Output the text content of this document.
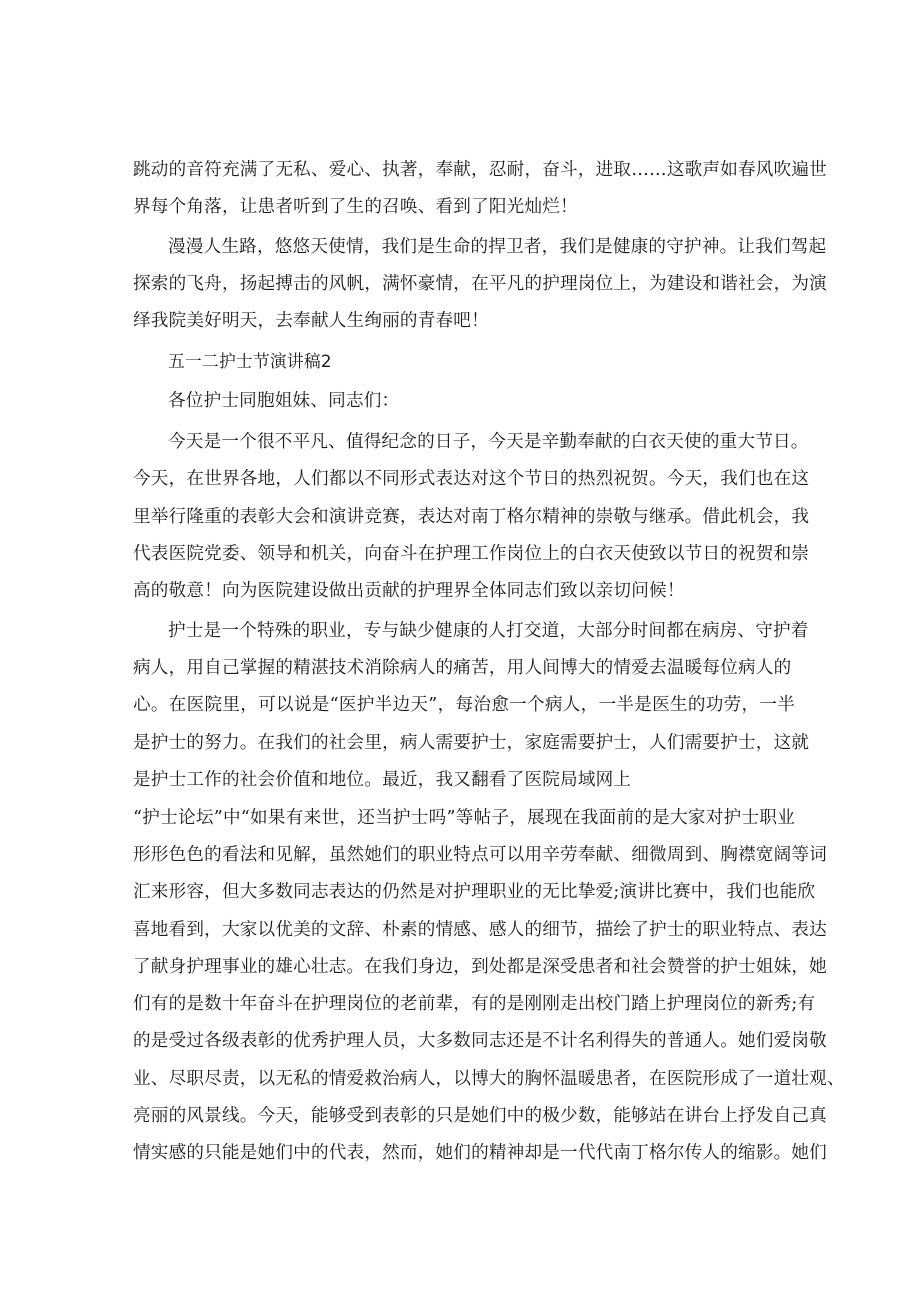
跳动的音符充满了无私、爱心、执著，奉献，忍耐，奋斗，进取……这歌声如春风吹遍世
界每个角落，让患者听到了生的召唤、看到了阳光灿烂！
漫漫人生路，悠悠天使情，我们是生命的捍卫者，我们是健康的守护神。让我们驾起
探索的飞舟，扬起搏击的风帆，满怀豪情，在平凡的护理岗位上，为建设和谐社会，为演
绎我院美好明天，去奉献人生绚丽的青春吧！
五一二护士节演讲稿2
各位护士同胞姐妹、同志们：
今天是一个很不平凡、值得纪念的日子，今天是辛勤奉献的白衣天使的重大节日。
今天，在世界各地，人们都以不同形式表达对这个节日的热烈祝贺。今天，我们也在这
里举行隆重的表彰大会和演讲竞赛，表达对南丁格尔精神的崇敬与继承。借此机会，我
代表医院党委、领导和机关，向奋斗在护理工作岗位上的白衣天使致以节日的祝贺和崇
高的敬意！向为医院建设做出贡献的护理界全体同志们致以亲切问候！
护士是一个特殊的职业，专与缺少健康的人打交道，大部分时间都在病房、守护着
病人，用自己掌握的精湛技术消除病人的痛苦，用人间博大的情爱去温暖每位病人的
心。在医院里，可以说是“医护半边天”，每治愈一个病人，一半是医生的功劳，一半
是护士的努力。在我们的社会里，病人需要护士，家庭需要护士，人们需要护士，这就
是护士工作的社会价值和地位。最近，我又翻看了医院局域网上
“护士论坛”中“如果有来世，还当护士吗”等帖子，展现在我面前的是大家对护士职业
形形色色的看法和见解，虽然她们的职业特点可以用辛劳奉献、细微周到、胸襟宽阔等词
汇来形容，但大多数同志表达的仍然是对护理职业的无比挚爱;演讲比赛中，我们也能欣
喜地看到，大家以优美的文辞、朴素的情感、感人的细节，描绘了护士的职业特点、表达
了献身护理事业的雄心壮志。在我们身边，到处都是深受患者和社会赞誉的护士姐妹，她
们有的是数十年奋斗在护理岗位的老前辈，有的是刚刚走出校门踏上护理岗位的新秀;有
的是受过各级表彰的优秀护理人员，大多数同志还是不计名利得失的普通人。她们爱岗敬
业、尽职尽责，以无私的情爱救治病人，以博大的胸怀温暖患者，在医院形成了一道壮观、
亮丽的风景线。今天，能够受到表彰的只是她们中的极少数，能够站在讲台上抒发自己真
情实感的只能是她们中的代表，然而，她们的精神却是一代代南丁格尔传人的缩影。她们
